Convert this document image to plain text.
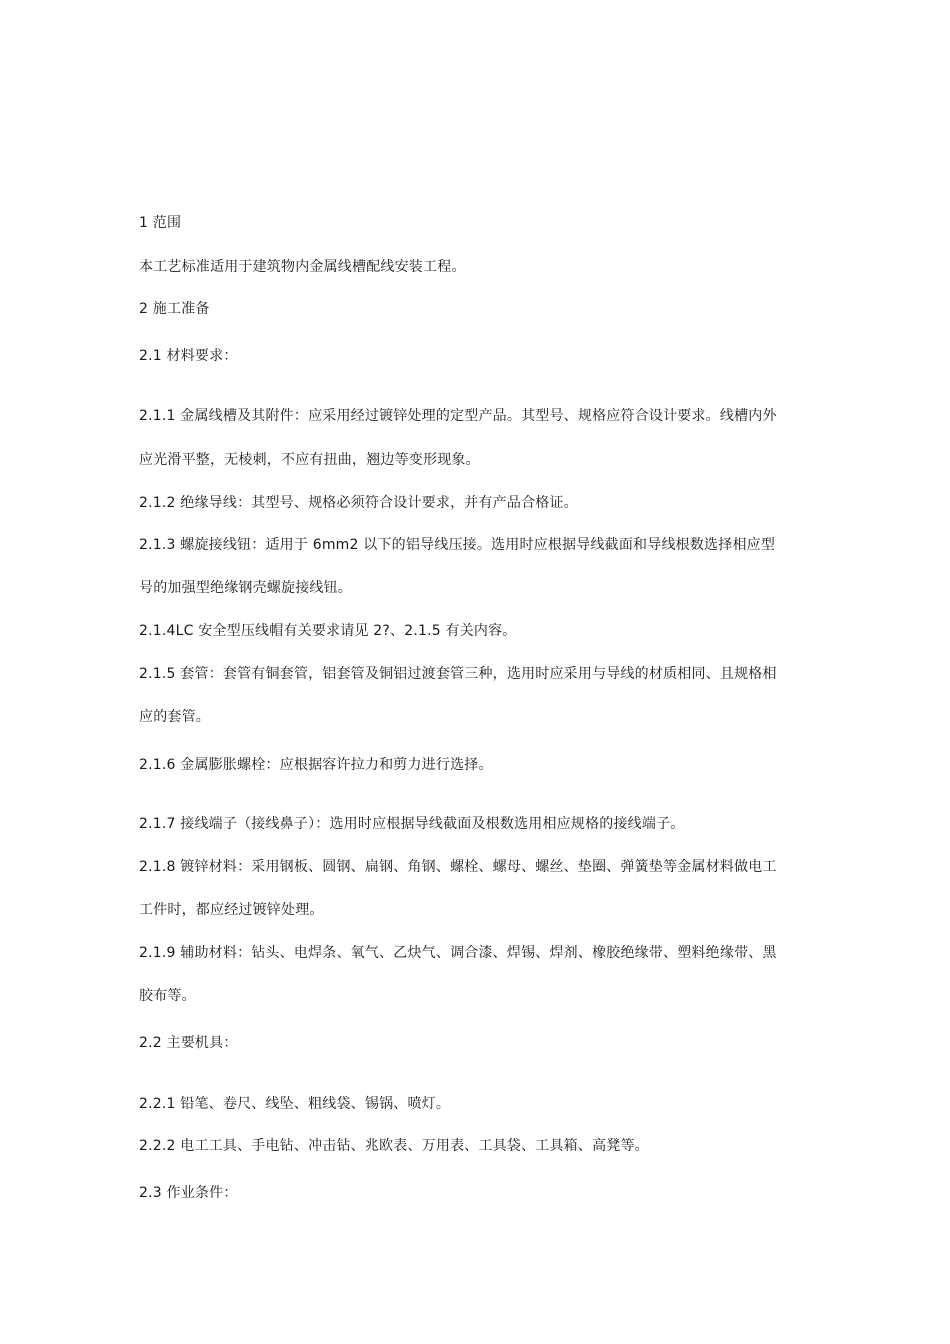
1 范围
本工艺标准适用于建筑物内金属线槽配线安装工程。
2 施工准备
2.1 材料要求：
2.1.1 金属线槽及其附件：应采用经过镀锌处理的定型产品。其型号、规格应符合设计要求。线槽内外
应光滑平整，无棱刺，不应有扭曲，翘边等变形现象。
2.1.2 绝缘导线：其型号、规格必须符合设计要求，并有产品合格证。
2.1.3 螺旋接线钮：适用于 6mm2 以下的铝导线压接。选用时应根据导线截面和导线根数选择相应型
号的加强型绝缘钢壳螺旋接线钮。
2.1.4LC 安全型压线帽有关要求请见 2?、2.1.5 有关内容。
2.1.5 套管：套管有铜套管，铝套管及铜铝过渡套管三种，选用时应采用与导线的材质相同、且规格相
应的套管。
2.1.6 金属膨胀螺栓：应根据容许拉力和剪力进行选择。
2.1.7 接线端子（接线鼻子）：选用时应根据导线截面及根数选用相应规格的接线端子。
2.1.8 镀锌材料：采用钢板、圆钢、扁钢、角钢、螺栓、螺母、螺丝、垫圈、弹簧垫等金属材料做电工
工件时，都应经过镀锌处理。
2.1.9 辅助材料：钻头、电焊条、氧气、乙炔气、调合漆、焊锡、焊剂、橡胶绝缘带、塑料绝缘带、黑
胶布等。
2.2 主要机具：
2.2.1 铅笔、卷尺、线坠、粗线袋、锡锅、喷灯。
2.2.2 电工工具、手电钻、冲击钻、兆欧表、万用表、工具袋、工具箱、高凳等。
2.3 作业条件：
